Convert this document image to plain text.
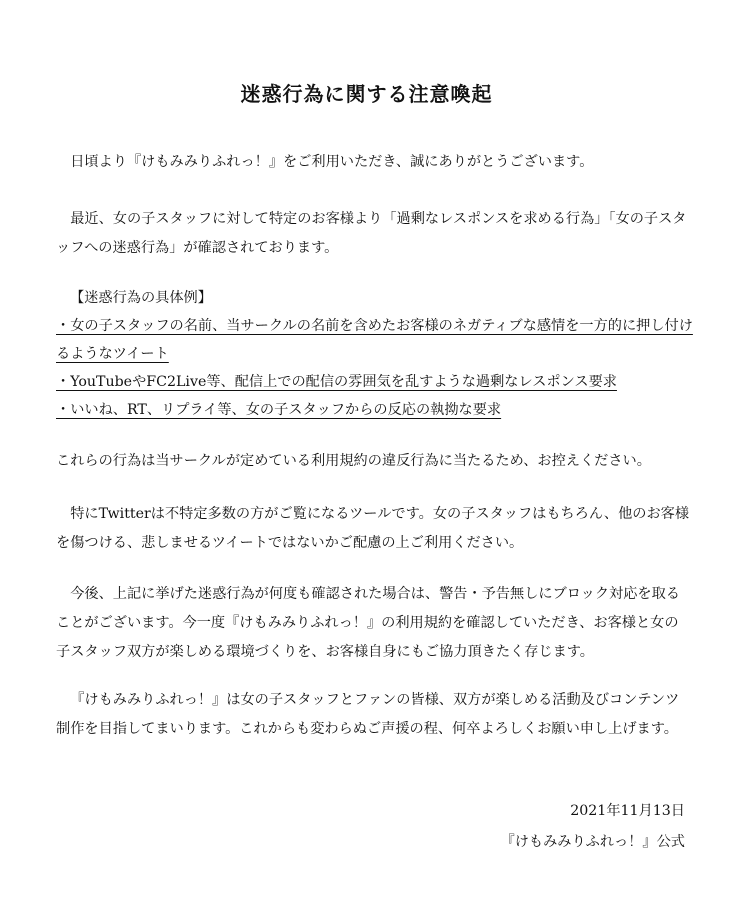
迷惑行為に関する注意喚起

日頃より『けもみみりふれっ！』をご利用いただき、誠にありがとうございます。

最近、女の子スタッフに対して特定のお客様より「過剰なレスポンスを求める行為」「女の子スタッフへの迷惑行為」が確認されております。

【迷惑行為の具体例】
・女の子スタッフの名前、当サークルの名前を含めたお客様のネガティブな感情を一方的に押し付けるようなツイート
・YouTubeやFC2Live等、配信上での配信の雰囲気を乱すような過剰なレスポンス要求
・いいね、RT、リプライ等、女の子スタッフからの反応の執拗な要求

これらの行為は当サークルが定めている利用規約の違反行為に当たるため、お控えください。

特にTwitterは不特定多数の方がご覧になるツールです。女の子スタッフはもちろん、他のお客様を傷つける、悲しませるツイートではないかご配慮の上ご利用ください。

今後、上記に挙げた迷惑行為が何度も確認された場合は、警告・予告無しにブロック対応を取ることがございます。今一度『けもみみりふれっ！』の利用規約を確認していただき、お客様と女の子スタッフ双方が楽しめる環境づくりを、お客様自身にもご協力頂きたく存じます。

『けもみみりふれっ！』は女の子スタッフとファンの皆様、双方が楽しめる活動及びコンテンツ制作を目指してまいります。これからも変わらぬご声援の程、何卒よろしくお願い申し上げます。

2021年11月13日
『けもみみりふれっ！』公式
